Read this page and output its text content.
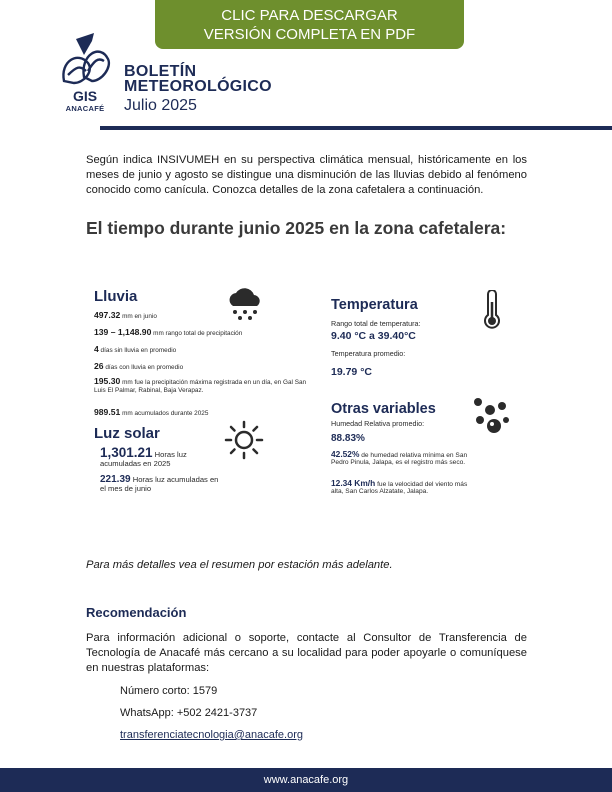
CLIC PARA DESCARGAR
VERSIÓN COMPLETA EN PDF
GIS
ANACAFÉ
BOLETÍN
METEOROLÓGICO
Julio 2025

Según indica INSIVUMEH en su perspectiva climática mensual, históricamente en los meses de junio y agosto se distingue una disminución de las lluvias debido al fenómeno conocido como canícula. Conozca detalles de la zona cafetalera a continuación.

El tiempo durante junio 2025 en la zona cafetalera:
Lluvia
497.32 mm en junio
139 – 1,148.90 mm rango total de precipitación
4 días sin lluvia en promedio
26 días con lluvia en promedio
195.30 mm fue la precipitación máxima registrada en un día, en Gal San Luis El Palmar, Rabinal, Baja Verapaz.
989.51 mm acumulados durante 2025
Luz solar
1,301.21 Horas luz acumuladas en 2025
221.39 Horas luz acumuladas en el mes de junio
Temperatura
Rango total de temperatura:
9.40 °C a 39.40°C
Temperatura promedio:
19.79 °C
Otras variables
Humedad Relativa promedio:
88.83%
42.52% de humedad relativa mínima en San Pedro Pinula, Jalapa, es el registro más seco.
12.34 Km/h fue la velocidad del viento más alta, San Carlos Alzatate, Jalapa.
Para más detalles vea el resumen por estación más adelante.
Recomendación

Para información adicional o soporte, contacte al Consultor de Transferencia de Tecnología de Anacafé más cercano a su localidad para poder apoyarle o comuníquese en nuestras plataformas:

Número corto: 1579
WhatsApp: +502 2421-3737
transferenciatecnologia@anacafe.org
www.anacafe.org
